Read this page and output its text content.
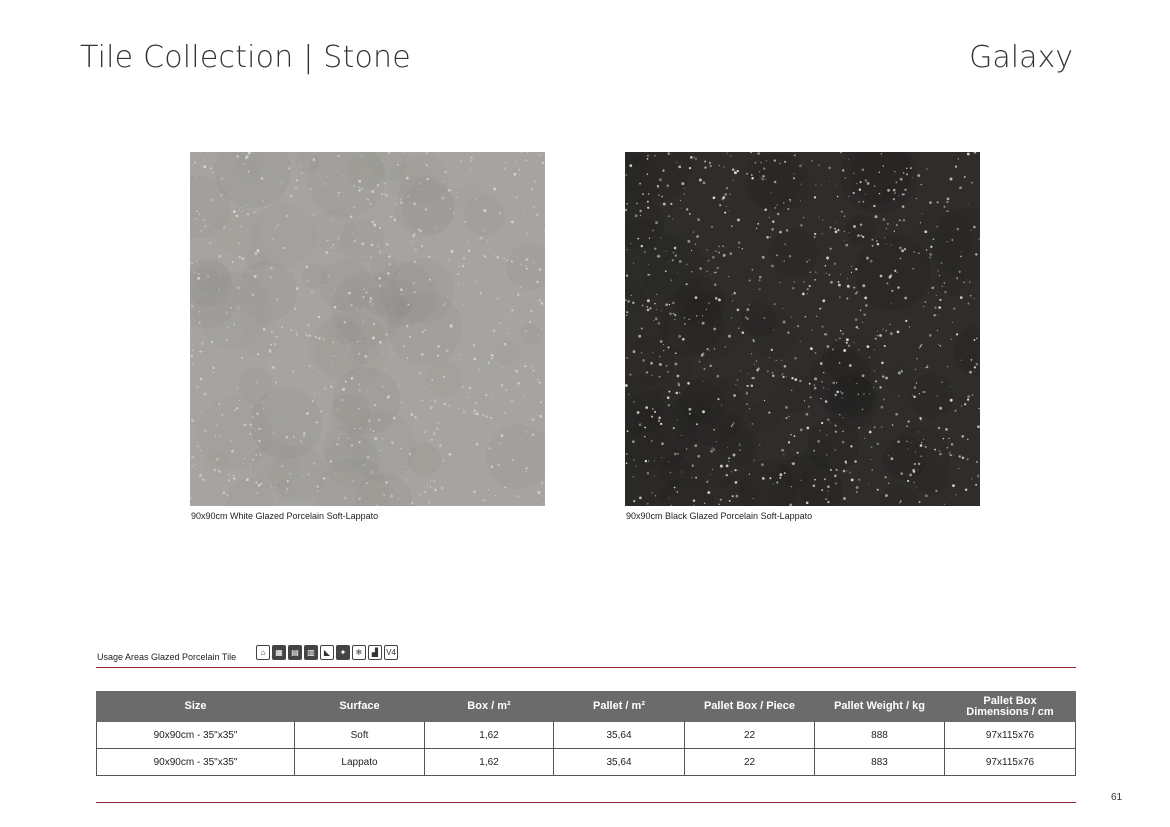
Tile Collection | Stone	Galaxy
90x90cm White Glazed Porcelain Soft-Lappato	90x90cm Black Glazed Porcelain Soft-Lappato
Usage Areas Glazed Porcelain Tile	⌂	▦	▤	▥	◣	✦	❄	▟	V4
Size	Surface	Box / m²	Pallet / m²	Pallet Box / Piece	Pallet Weight / kg	Pallet Box
Dimensions / cm
90x90cm - 35"x35"	Soft	1,62	35,64	22	888	97x115x76
90x90cm - 35"x35"	Lappato	1,62	35,64	22	883	97x115x76
61
